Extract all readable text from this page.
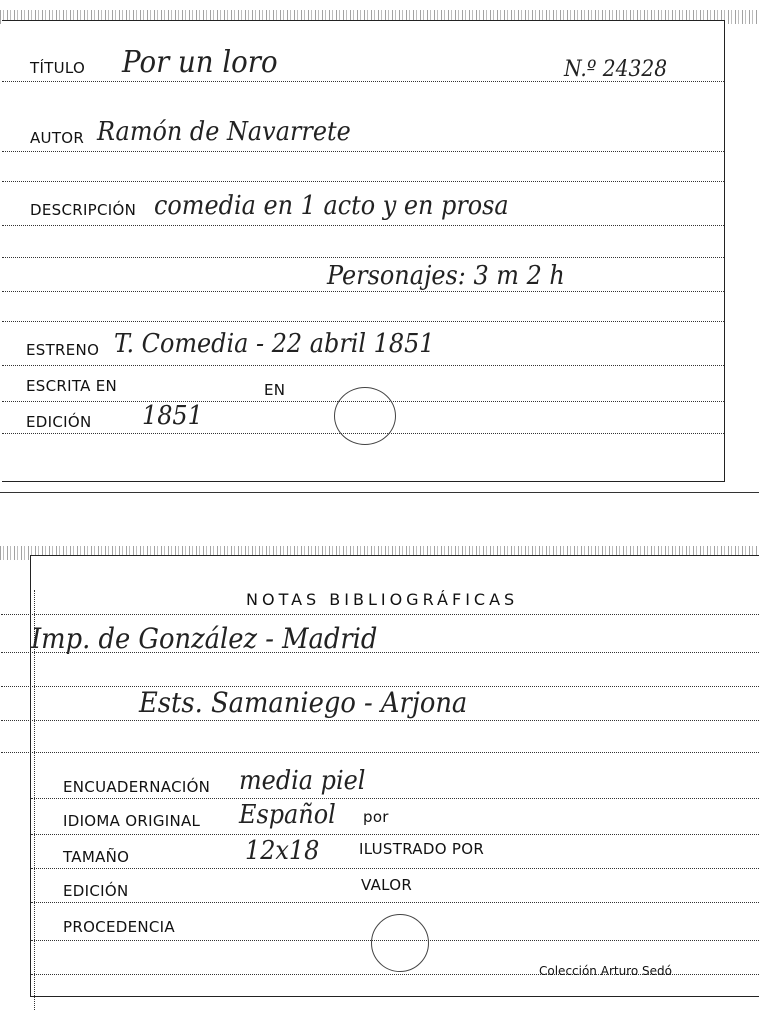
TÍTULO Por un loro	N.º 24328
AUTOR Ramón de Navarrete
DESCRIPCIÓN comedia en 1 acto y en prosa
Personajes: 3 m 2 h
ESTRENO T. Comedia - 22 abril 1851
ESCRITA EN	EN
EDICIÓN 1851
NOTAS BIBLIOGRÁFICAS
Imp. de González - Madrid
Ests. Samaniego - Arjona
ENCUADERNACIÓN media piel
IDIOMA ORIGINAL Español por
TAMAÑO	12x18	ILUSTRADO POR
EDICIÓN	VALOR
PROCEDENCIA
Colección Arturo Sedó
